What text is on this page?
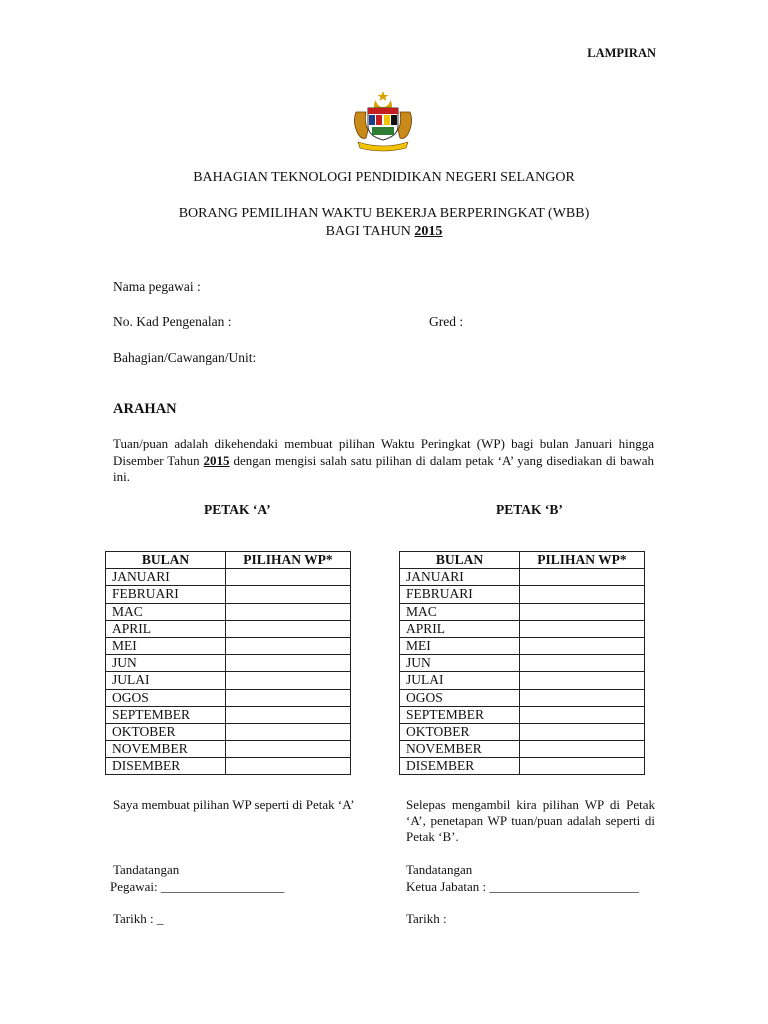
LAMPIRAN
BAHAGIAN TEKNOLOGI PENDIDIKAN NEGERI SELANGOR
BORANG PEMILIHAN WAKTU BEKERJA BERPERINGKAT (WBB)
BAGI TAHUN 2015
Nama pegawai :
No. Kad Pengenalan :	Gred :
Bahagian/Cawangan/Unit:
ARAHAN
Tuan/puan adalah dikehendaki membuat pilihan Waktu Peringkat (WP) bagi bulan Januari hingga Disember Tahun 2015 dengan mengisi salah satu pilihan di dalam petak ‘A’ yang disediakan di bawah ini.
PETAK ‘A’	PETAK ‘B’
BULAN	PILIHAN WP*
JANUARI	
FEBRUARI	
MAC	
APRIL	
MEI	
JUN	
JULAI	
OGOS	
SEPTEMBER	
OKTOBER	
NOVEMBER	
DISEMBER	
BULAN	PILIHAN WP*
JANUARI	
FEBRUARI	
MAC	
APRIL	
MEI	
JUN	
JULAI	
OGOS	
SEPTEMBER	
OKTOBER	
NOVEMBER	
DISEMBER	
Saya membuat pilihan WP seperti di Petak ‘A’	Selepas mengambil kira pilihan WP di Petak ‘A’, penetapan WP tuan/puan adalah seperti di Petak ‘B’.
Tandatangan
Pegawai: ___________________
Tarikh : _
Tandatangan
Ketua Jabatan : _______________________
Tarikh :
